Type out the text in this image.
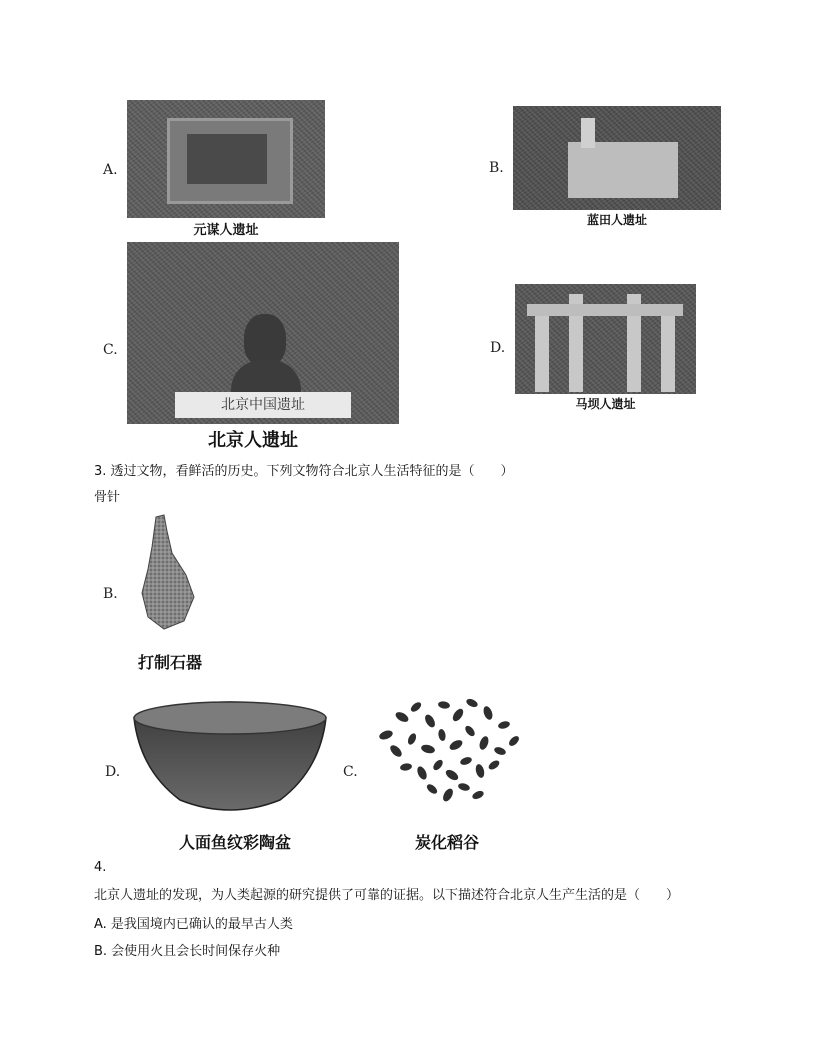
A.
元谋人遗址
B.
蓝田人遗址
C.
北京中国遗址
北京人遗址
D.
马坝人遗址
3. 透过文物，看鲜活的历史。下列文物符合北京人生活特征的是（　　）
骨针
B.
打制石器
D.
人面鱼纹彩陶盆
C.
炭化稻谷
4.
北京人遗址的发现，为人类起源的研究提供了可靠的证据。以下描述符合北京人生产生活的是（　　）
A. 是我国境内已确认的最早古人类
B. 会使用火且会长时间保存火种
